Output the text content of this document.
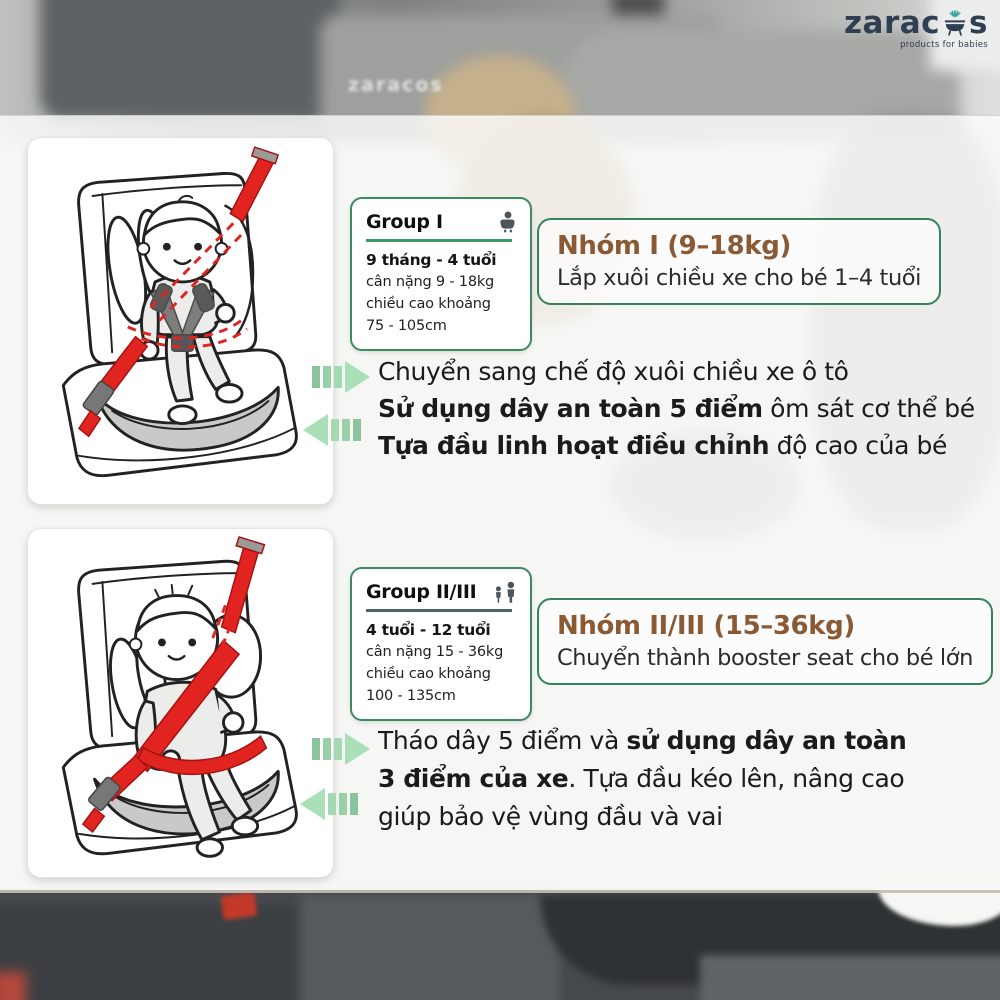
zaracos
Group I
9 tháng - 4 tuổi
cân nặng 9 - 18kg
chiều cao khoảng
75 - 105cm
Group II/III
4 tuổi - 12 tuổi
cân nặng 15 - 36kg
chiều cao khoảng
100 - 135cm
Nhóm I (9–18kg)
Lắp xuôi chiều xe cho bé 1–4 tuổi
Nhóm II/III (15–36kg)
Chuyển thành booster seat cho bé lớn
Chuyển sang chế độ xuôi chiều xe ô tô
Sử dụng dây an toàn 5 điểm ôm sát cơ thể bé
Tựa đầu linh hoạt điều chỉnh độ cao của bé
Tháo dây 5 điểm và sử dụng dây an toàn
3 điểm của xe. Tựa đầu kéo lên, nâng cao
giúp bảo vệ vùng đầu và vai
zarac s
products for babies
